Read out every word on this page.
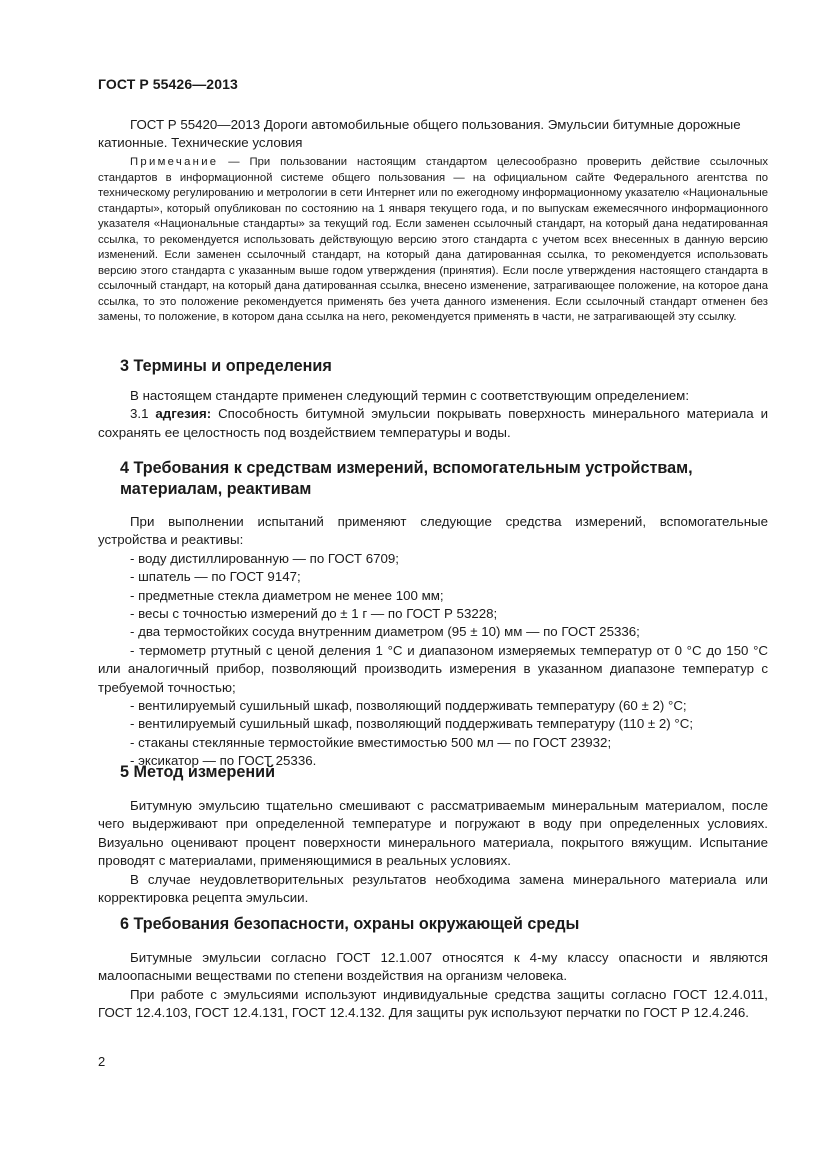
ГОСТ Р 55426—2013

ГОСТ Р 55420—2013 Дороги автомобильные общего пользования. Эмульсии битумные дорожные

катионные. Технические условия

Примечание — При пользовании настоящим стандартом целесообразно проверить действие ссылочных стандартов в информационной системе общего пользования — на официальном сайте Федерального агентства по техническому регулированию и метрологии в сети Интернет или по ежегодному информационному указателю «Национальные стандарты», который опубликован по состоянию на 1 января текущего года, и по выпускам ежемесячного информационного указателя «Национальные стандарты» за текущий год. Если заменен ссылочный стандарт, на который дана недатированная ссылка, то рекомендуется использовать действующую версию этого стандарта с учетом всех внесенных в данную версию изменений. Если заменен ссылочный стандарт, на который дана датированная ссылка, то рекомендуется использовать версию этого стандарта с указанным выше годом утверждения (принятия). Если после утверждения настоящего стандарта в ссылочный стандарт, на который дана датированная ссылка, внесено изменение, затрагивающее положение, на которое дана ссылка, то это положение рекомендуется применять без учета данного изменения. Если ссылочный стандарт отменен без замены, то положение, в котором дана ссылка на него, рекомендуется применять в части, не затрагивающей эту ссылку.

3 Термины и определения

В настоящем стандарте применен следующий термин с соответствующим определением:

3.1 адгезия: Способность битумной эмульсии покрывать поверхность минерального материала и сохранять ее целостность под воздействием температуры и воды.

4 Требования к средствам измерений, вспомогательным устройствам, материалам, реактивам

При выполнении испытаний применяют следующие средства измерений, вспомогательные устройства и реактивы:

- воду дистиллированную — по ГОСТ 6709;

- шпатель — по ГОСТ 9147;

- предметные стекла диаметром не менее 100 мм;

- весы с точностью измерений до ± 1 г — по ГОСТ Р 53228;

- два термостойких сосуда внутренним диаметром (95 ± 10) мм — по ГОСТ 25336;

- термометр ртутный с ценой деления 1 °С и диапазоном измеряемых температур от 0 °С до 150 °С или аналогичный прибор, позволяющий производить измерения в указанном диапазоне температур с требуемой точностью;

- вентилируемый сушильный шкаф, позволяющий поддерживать температуру (60 ± 2) °С;

- вентилируемый сушильный шкаф, позволяющий поддерживать температуру (110 ± 2) °С;

- стаканы стеклянные термостойкие вместимостью 500 мл — по ГОСТ 23932;

- эксикатор — по ГОСТ 25336.

5 Метод измерений

Битумную эмульсию тщательно смешивают с рассматриваемым минеральным материалом, после чего выдерживают при определенной температуре и погружают в воду при определенных условиях. Визуально оценивают процент поверхности минерального материала, покрытого вяжущим. Испытание проводят с материалами, применяющимися в реальных условиях.

В случае неудовлетворительных результатов необходима замена минерального материала или корректировка рецепта эмульсии.

6 Требования безопасности, охраны окружающей среды

Битумные эмульсии согласно ГОСТ 12.1.007 относятся к 4-му классу опасности и являются малоопасными веществами по степени воздействия на организм человека.

При работе с эмульсиями используют индивидуальные средства защиты согласно ГОСТ 12.4.011, ГОСТ 12.4.103, ГОСТ 12.4.131, ГОСТ 12.4.132. Для защиты рук используют перчатки по ГОСТ Р 12.4.246.

2
